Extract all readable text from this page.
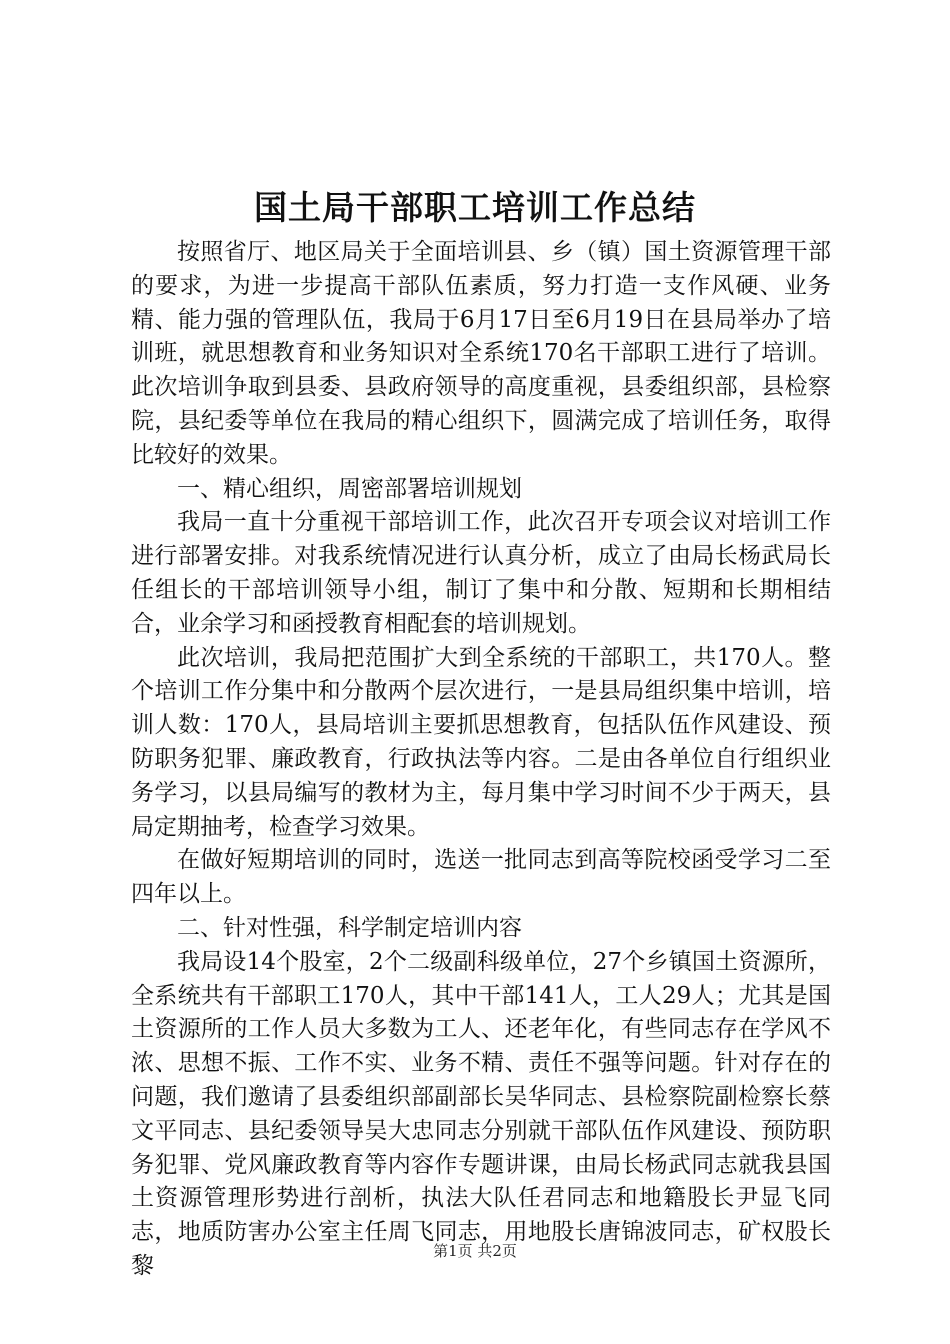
国土局干部职工培训工作总结

按照省厅、地区局关于全面培训县、乡（镇）国土资源管理干部的要求，为进一步提高干部队伍素质，努力打造一支作风硬、业务精、能力强的管理队伍，我局于6月17日至6月19日在县局举办了培训班，就思想教育和业务知识对全系统170名干部职工进行了培训。此次培训争取到县委、县政府领导的高度重视，县委组织部，县检察院，县纪委等单位在我局的精心组织下，圆满完成了培训任务，取得比较好的效果。

一、精心组织，周密部署培训规划

我局一直十分重视干部培训工作，此次召开专项会议对培训工作进行部署安排。对我系统情况进行认真分析，成立了由局长杨武局长任组长的干部培训领导小组，制订了集中和分散、短期和长期相结合，业余学习和函授教育相配套的培训规划。

此次培训，我局把范围扩大到全系统的干部职工，共170人。整个培训工作分集中和分散两个层次进行，一是县局组织集中培训，培训人数：170人，县局培训主要抓思想教育，包括队伍作风建设、预防职务犯罪、廉政教育，行政执法等内容。二是由各单位自行组织业务学习，以县局编写的教材为主，每月集中学习时间不少于两天，县局定期抽考，检查学习效果。

在做好短期培训的同时，选送一批同志到高等院校函受学习二至四年以上。

二、针对性强，科学制定培训内容

我局设14个股室，2个二级副科级单位，27个乡镇国土资源所，全系统共有干部职工170人，其中干部141人，工人29人；尤其是国土资源所的工作人员大多数为工人、还老年化，有些同志存在学风不浓、思想不振、工作不实、业务不精、责任不强等问题。针对存在的问题，我们邀请了县委组织部副部长吴华同志、县检察院副检察长蔡文平同志、县纪委领导吴大忠同志分别就干部队伍作风建设、预防职务犯罪、党风廉政教育等内容作专题讲课，由局长杨武同志就我县国土资源管理形势进行剖析，执法大队任君同志和地籍股长尹显飞同志，地质防害办公室主任周飞同志，用地股长唐锦波同志，矿权股长黎

第1页 共2页
